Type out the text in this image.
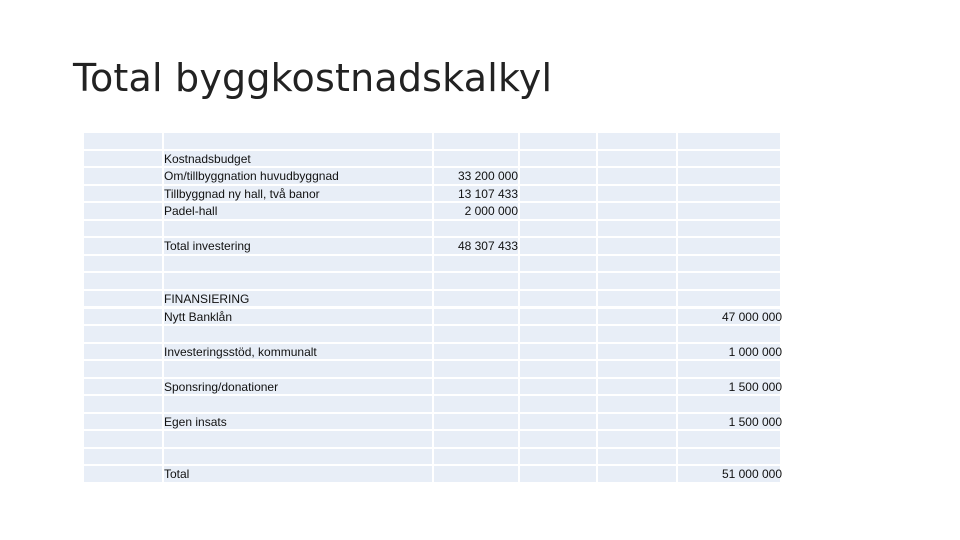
Total byggkostnadskalkyl
Kostnadsbudget
Om/tillbyggnation huvudbyggnad	33 200 000
Tillbyggnad ny hall, två banor	13 107 433
Padel-hall	2 000 000
Total investering	48 307 433
FINANSIERING
Nytt Banklån	47 000 000
Investeringsstöd, kommunalt	1 000 000
Sponsring/donationer	1 500 000
Egen insats	1 500 000
Total	51 000 000
